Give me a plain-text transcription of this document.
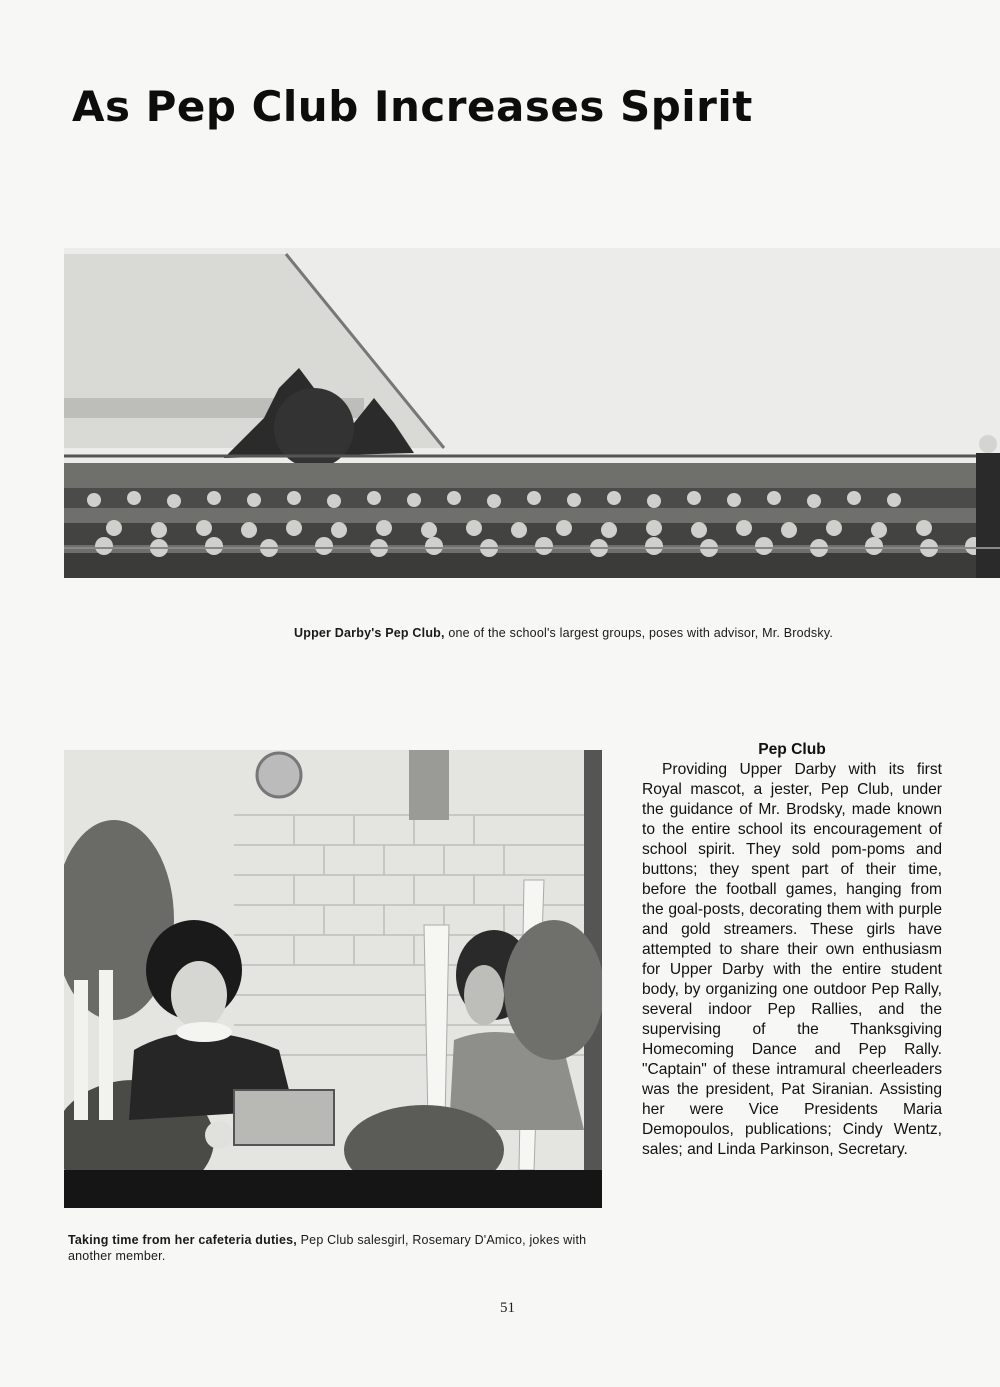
As Pep Club Increases Spirit
Upper Darby's Pep Club, one of the school's largest groups, poses with advisor, Mr. Brodsky.
Taking time from her cafeteria duties, Pep Club salesgirl, Rosemary D'Amico, jokes with another member.
Pep Club

Providing Upper Darby with its first Royal mascot, a jester, Pep Club, under the guidance of Mr. Brodsky, made known to the entire school its encouragement of school spirit. They sold pom-poms and buttons; they spent part of their time, before the football games, hanging from the goal-posts, decorating them with purple and gold streamers. These girls have attempted to share their own enthusiasm for Upper Darby with the entire student body, by organizing one outdoor Pep Rally, several indoor Pep Rallies, and the supervising of the Thanksgiving Homecoming Dance and Pep Rally. "Captain" of these intramural cheerleaders was the president, Pat Siranian. Assisting her were Vice Presidents Maria Demopoulos, publications; Cindy Wentz, sales; and Linda Parkinson, Secretary.

51
